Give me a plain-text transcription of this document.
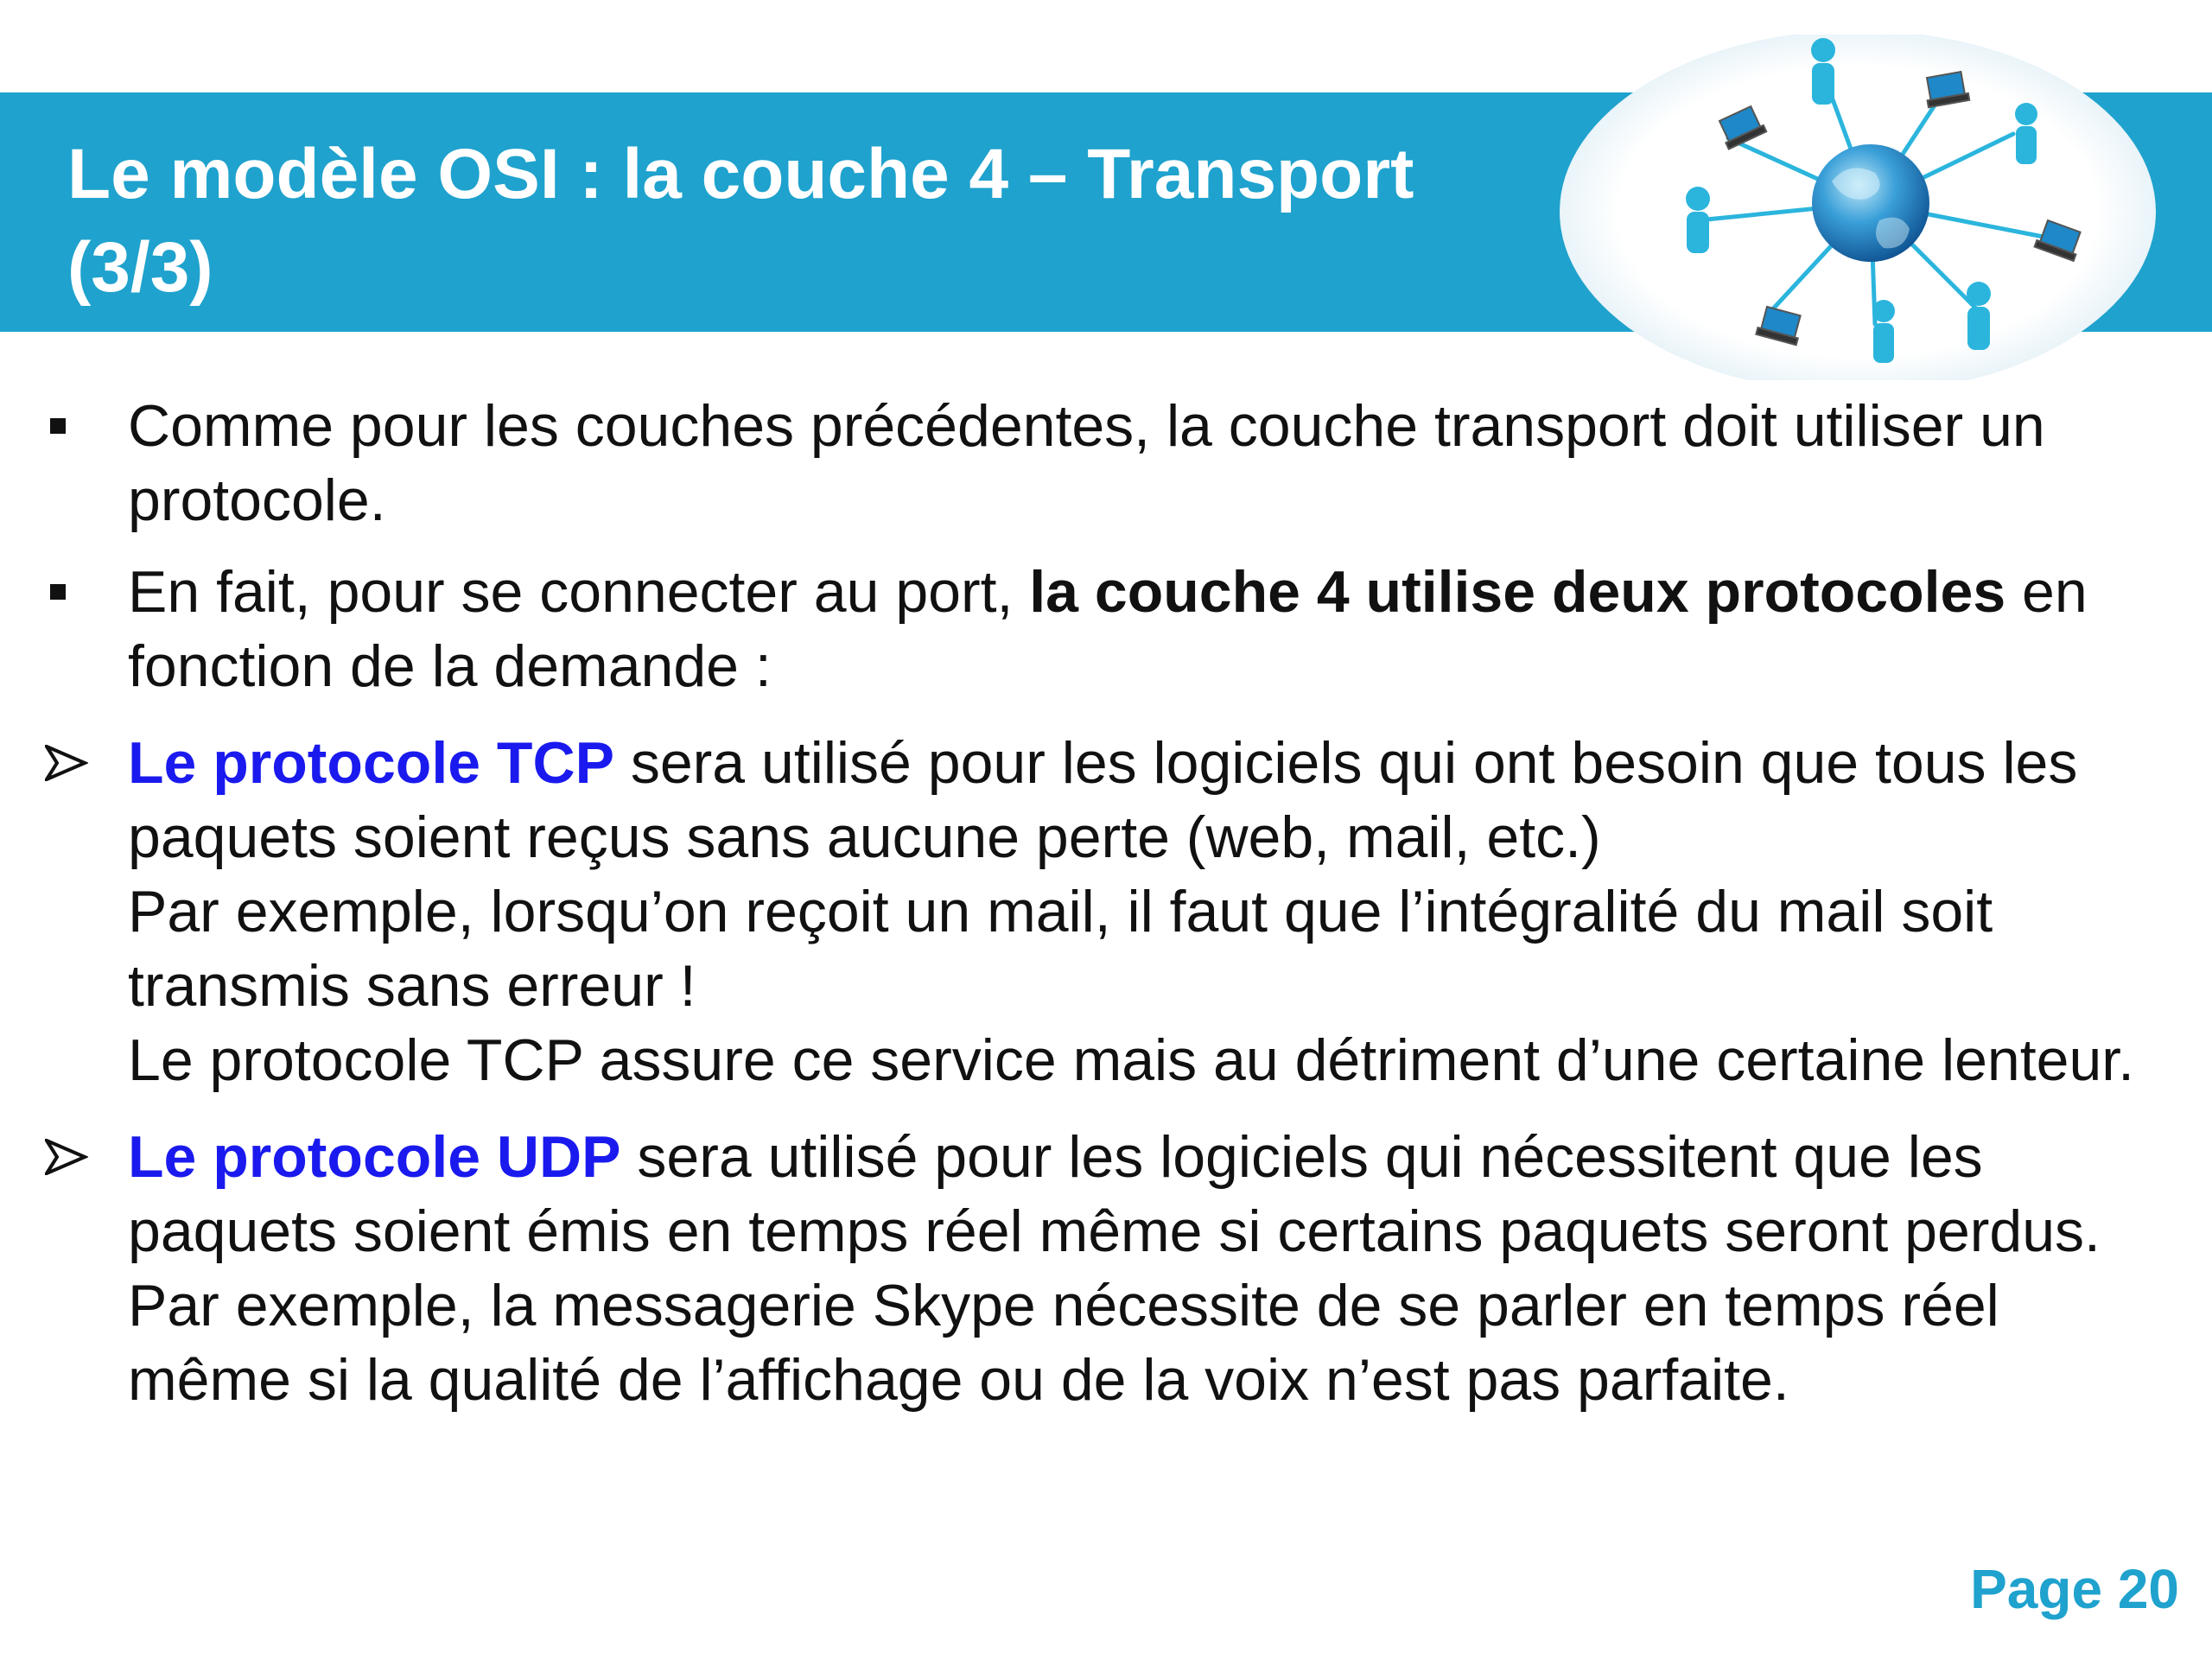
Le modèle OSI : la couche 4 – Transport
(3/3)

Comme pour les couches précédentes, la couche transport doit utiliser un protocole.

En fait, pour se connecter au port, la couche 4 utilise deux protocoles en fonction de la demande :

Le protocole TCP sera utilisé pour les logiciels qui ont besoin que tous les paquets soient reçus sans aucune perte (web, mail, etc.)

Par exemple, lorsqu’on reçoit un mail, il faut que l’intégralité du mail soit transmis sans erreur !

Le protocole TCP assure ce service mais au détriment d’une certaine lenteur.

Le protocole UDP sera utilisé pour les logiciels qui nécessitent que les paquets soient émis en temps réel même si certains paquets seront perdus.

Par exemple, la messagerie Skype nécessite de se parler en temps réel même si la qualité de l’affichage ou de la voix n’est pas parfaite.

Page 20
